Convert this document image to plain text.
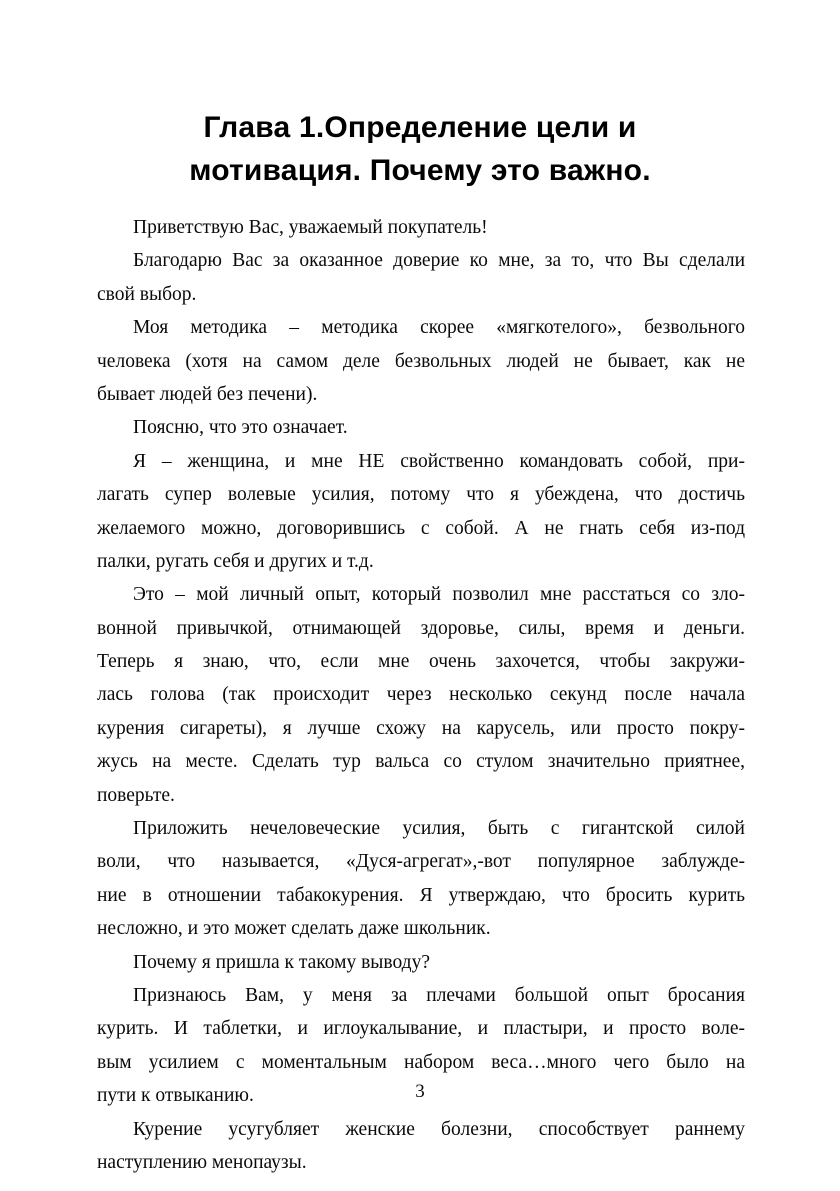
Глава 1.Определение цели и
мотивация. Почему это важно.
Приветствую Вас, уважаемый покупатель!
Благодарю Вас за оказанное доверие ко мне, за то, что Вы сделали
свой выбор.
Моя методика – методика скорее «мягкотелого», безвольного
человека (хотя на самом деле безвольных людей не бывает, как не
бывает людей без печени).
Поясню, что это означает.
Я – женщина, и мне НЕ свойственно командовать собой, при-
лагать супер волевые усилия, потому что я убеждена, что достичь
желаемого можно, договорившись с собой. А не гнать себя из-под
палки, ругать себя и других и т.д.
Это – мой личный опыт, который позволил мне расстаться со зло-
вонной привычкой, отнимающей здоровье, силы, время и деньги.
Теперь я знаю, что, если мне очень захочется, чтобы закружи-
лась голова (так происходит через несколько секунд после начала
курения сигареты), я лучше схожу на карусель, или просто покру-
жусь на месте. Сделать тур вальса со стулом значительно приятнее,
поверьте.
Приложить нечеловеческие усилия, быть с гигантской силой
воли, что называется, «Дуся-агрегат»,-вот популярное заблужде-
ние в отношении табакокурения. Я утверждаю, что бросить курить
несложно, и это может сделать даже школьник.
Почему я пришла к такому выводу?
Признаюсь Вам, у меня за плечами большой опыт бросания
курить. И таблетки, и иглоукалывание, и пластыри, и просто воле-
вым усилием с моментальным набором веса…много чего было на
пути к отвыканию.
Курение усугубляет женские болезни, способствует раннему
наступлению менопаузы.
3
